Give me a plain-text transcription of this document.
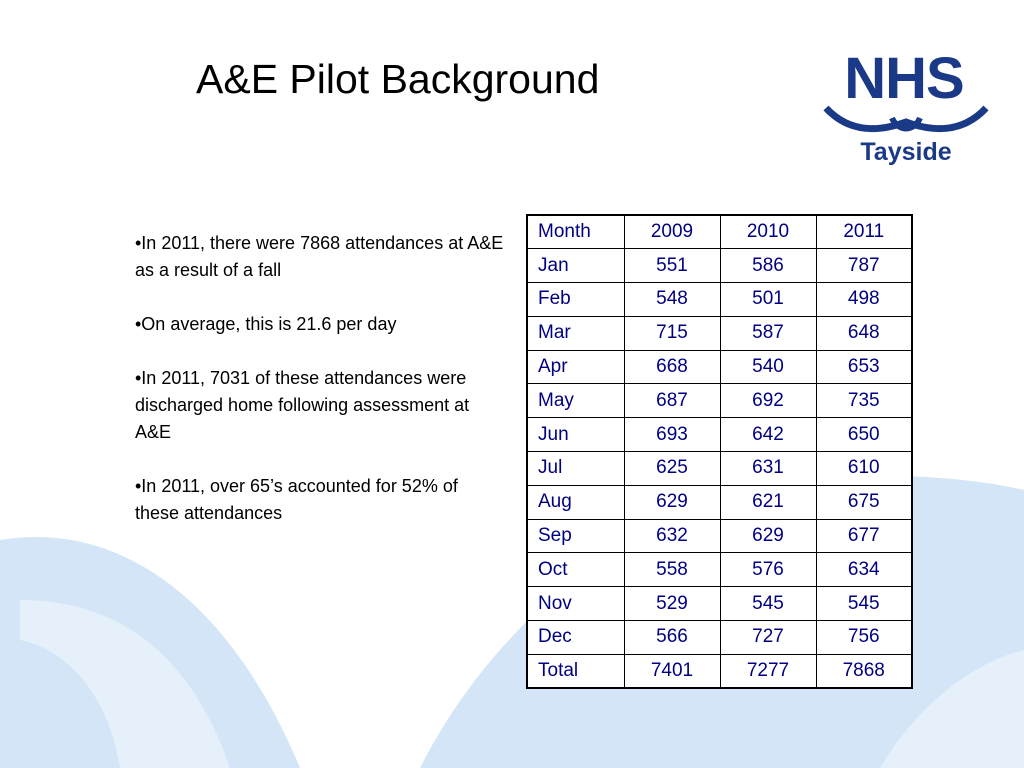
A&E Pilot Background	NHS
Tayside
•In 2011, there were 7868 attendances at A&E as a result of a fall
•On average, this is 21.6 per day
•In 2011, 7031 of these attendances were discharged home following assessment at A&E
•In 2011, over 65’s accounted for 52% of these attendances
Month	2009	2010	2011
Jan	551	586	787
Feb	548	501	498
Mar	715	587	648
Apr	668	540	653
May	687	692	735
Jun	693	642	650
Jul	625	631	610
Aug	629	621	675
Sep	632	629	677
Oct	558	576	634
Nov	529	545	545
Dec	566	727	756
Total	7401	7277	7868
